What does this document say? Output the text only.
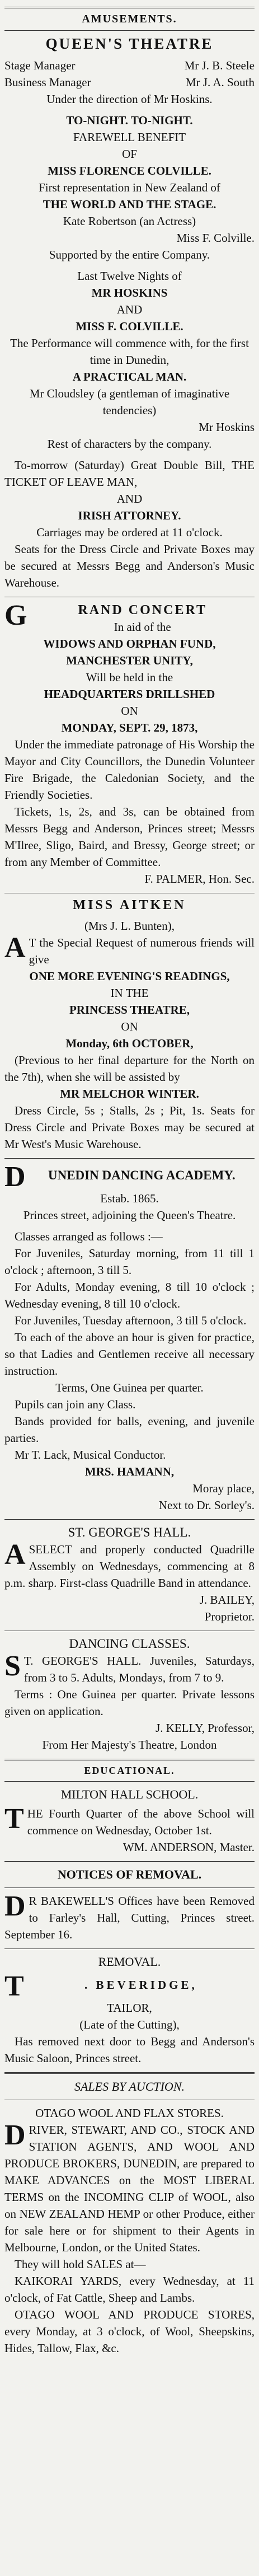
AMUSEMENTS.
QUEEN'S THEATRE
Stage Manager	Mr J. B. Steele
Business Manager	Mr J. A. South

Under the direction of Mr Hoskins.

TO-NIGHT. TO-NIGHT.

FAREWELL BENEFIT

OF

MISS FLORENCE COLVILLE.

First representation in New Zealand of

THE WORLD AND THE STAGE.

Kate Robertson (an Actress)

Miss F. Colville.

Supported by the entire Company.

Last Twelve Nights of

MR HOSKINS

AND

MISS F. COLVILLE.

The Performance will commence with, for the first time in Dunedin,

A PRACTICAL MAN.

Mr Cloudsley (a gentleman of imaginative tendencies)

Mr Hoskins

Rest of characters by the company.

To-morrow (Saturday) Great Double Bill, THE TICKET OF LEAVE MAN,

AND

IRISH ATTORNEY.

Carriages may be ordered at 11 o'clock.

Seats for the Dress Circle and Private Boxes may be secured at Messrs Begg and Anderson's Music Warehouse.

G	RAND CONCERT

In aid of the

WIDOWS AND ORPHAN FUND,

MANCHESTER UNITY,

Will be held in the

HEADQUARTERS DRILLSHED

ON

MONDAY, SEPT. 29, 1873,

Under the immediate patronage of His Worship the Mayor and City Councillors, the Dunedin Volunteer Fire Brigade, the Caledonian Society, and the Friendly Societies.

Tickets, 1s, 2s, and 3s, can be obtained from Messrs Begg and Anderson, Princes street; Messrs M'Ilree, Sligo, Baird, and Bressy, George street; or from any Member of Committee.

F. PALMER, Hon. Sec.

MISS AITKEN

(Mrs J. L. Bunten),

A T the Special Request of numerous friends will give

ONE MORE EVENING'S READINGS,

IN THE

PRINCESS THEATRE,

ON

Monday, 6th OCTOBER,

(Previous to her final departure for the North on the 7th), when she will be assisted by

MR MELCHOR WINTER.

Dress Circle, 5s ; Stalls, 2s ; Pit, 1s. Seats for Dress Circle and Private Boxes may be secured at Mr West's Music Warehouse.

D	UNEDIN DANCING ACADEMY.

Estab. 1865.

Princes street, adjoining the Queen's Theatre.

Classes arranged as follows :—

For Juveniles, Saturday morning, from 11 till 1 o'clock ; afternoon, 3 till 5.

For Adults, Monday evening, 8 till 10 o'clock ; Wednesday evening, 8 till 10 o'clock.

For Juveniles, Tuesday afternoon, 3 till 5 o'clock.

To each of the above an hour is given for practice, so that Ladies and Gentlemen receive all necessary instruction.

Terms, One Guinea per quarter.

Pupils can join any Class.

Bands provided for balls, evening, and juvenile parties.

Mr T. Lack, Musical Conductor.

MRS. HAMANN,

Moray place,

Next to Dr. Sorley's.

ST. GEORGE'S HALL.

A SELECT and properly conducted Quadrille Assembly on Wednesdays, commencing at 8 p.m. sharp. First-class Quadrille Band in attendance.

J. BAILEY,

Proprietor.

DANCING CLASSES.

S T. GEORGE'S HALL. Juveniles, Saturdays, from 3 to 5. Adults, Mondays, from 7 to 9.

Terms : One Guinea per quarter. Private lessons given on application.

J. KELLY, Professor,

From Her Majesty's Theatre, London

EDUCATIONAL.

MILTON HALL SCHOOL.

T HE Fourth Quarter of the above School will commence on Wednesday, October 1st.

WM. ANDERSON, Master.

NOTICES OF REMOVAL.
D R BAKEWELL'S Offices have been Removed to Farley's Hall, Cutting, Princes street. September 16.

REMOVAL.

T	. BEVERIDGE,

TAILOR,

(Late of the Cutting),

Has removed next door to Begg and Anderson's Music Saloon, Princes street.

SALES BY AUCTION.

OTAGO WOOL AND FLAX STORES.

D RIVER, STEWART, AND CO., STOCK AND STATION AGENTS, AND WOOL AND PRODUCE BROKERS, DUNEDIN, are prepared to MAKE ADVANCES on the MOST LIBERAL TERMS on the INCOMING CLIP of WOOL, also on NEW ZEALAND HEMP or other Produce, either for sale here or for shipment to their Agents in Melbourne, London, or the United States.

They will hold SALES at—

KAIKORAI YARDS, every Wednesday, at 11 o'clock, of Fat Cattle, Sheep and Lambs.

OTAGO WOOL AND PRODUCE STORES, every Monday, at 3 o'clock, of Wool, Sheepskins, Hides, Tallow, Flax, &c.
